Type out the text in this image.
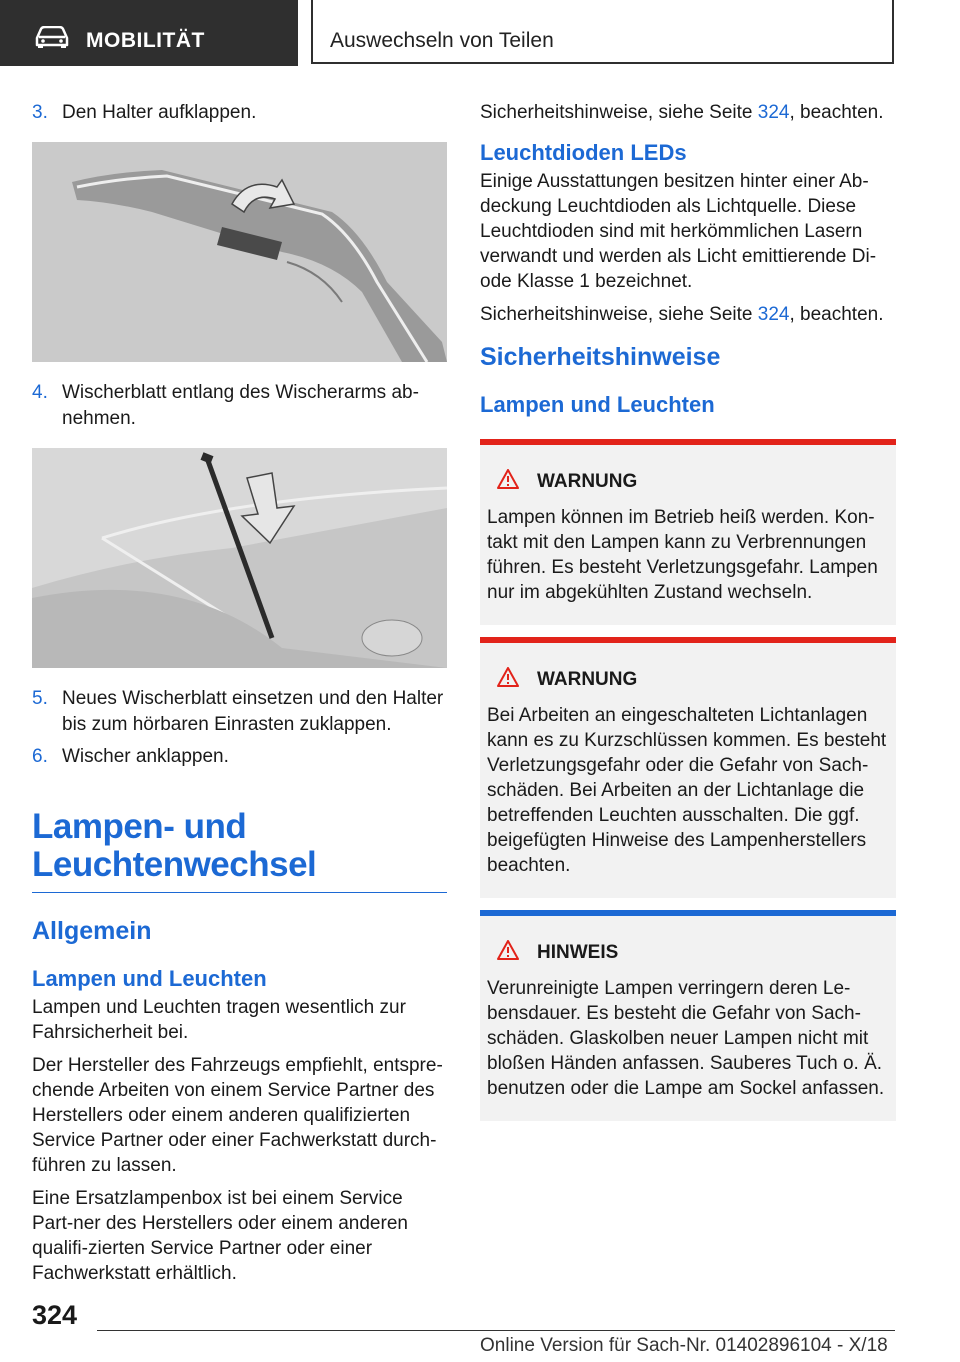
MOBILITÄT	Auswechseln von Teilen
3. Den Halter aufklappen.
4. Wischerblatt entlang des Wischerarms ab-nehmen.
5. Neues Wischerblatt einsetzen und den Halter bis zum hörbaren Einrasten zuklappen.
6. Wischer anklappen.
Lampen- und Leuchtenwechsel
Allgemein
Lampen und Leuchten

Lampen und Leuchten tragen wesentlich zur Fahrsicherheit bei.

Der Hersteller des Fahrzeugs empfiehlt, entspre-chende Arbeiten von einem Service Partner des Herstellers oder einem anderen qualifizierten Service Partner oder einer Fachwerkstatt durch-führen zu lassen.

Eine Ersatzlampenbox ist bei einem Service Part-ner des Herstellers oder einem anderen qualifi-zierten Service Partner oder einer Fachwerkstatt erhältlich.

Sicherheitshinweise, siehe Seite 324, beachten.

Leuchtdioden LEDs

Einige Ausstattungen besitzen hinter einer Ab-deckung Leuchtdioden als Lichtquelle. Diese Leuchtdioden sind mit herkömmlichen Lasern verwandt und werden als Licht emittierende Di-ode Klasse 1 bezeichnet.

Sicherheitshinweise, siehe Seite 324, beachten.

Sicherheitshinweise
Lampen und Leuchten
WARNUNG

Lampen können im Betrieb heiß werden. Kon-takt mit den Lampen kann zu Verbrennungen führen. Es besteht Verletzungsgefahr. Lampen nur im abgekühlten Zustand wechseln.

WARNUNG

Bei Arbeiten an eingeschalteten Lichtanlagen kann es zu Kurzschlüssen kommen. Es besteht Verletzungsgefahr oder die Gefahr von Sach-schäden. Bei Arbeiten an der Lichtanlage die betreffenden Leuchten ausschalten. Die ggf. beigefügten Hinweise des Lampenherstellers beachten.

HINWEIS

Verunreinigte Lampen verringern deren Le-bensdauer. Es besteht die Gefahr von Sach-schäden. Glaskolben neuer Lampen nicht mit bloßen Händen anfassen. Sauberes Tuch o. Ä. benutzen oder die Lampe am Sockel anfassen.

324
Online Version für Sach-Nr. 01402896104 - X/18
